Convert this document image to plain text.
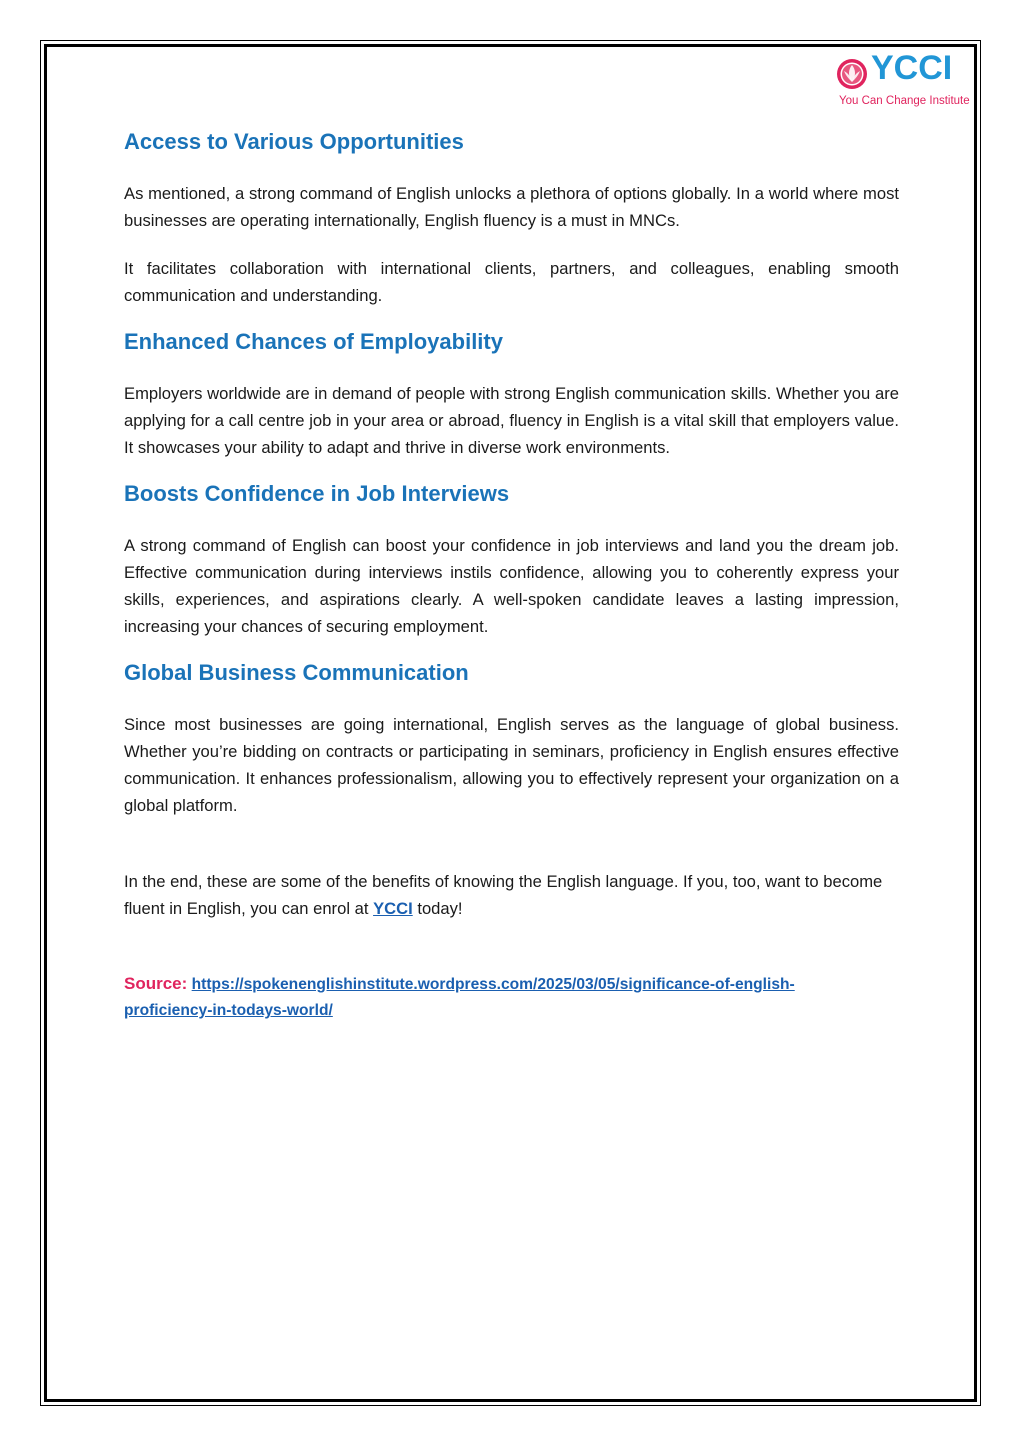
YCCI
You Can Change Institute
Access to Various Opportunities

As mentioned, a strong command of English unlocks a plethora of options globally. In a world where most businesses are operating internationally, English fluency is a must in MNCs.

It facilitates collaboration with international clients, partners, and colleagues, enabling smooth communication and understanding.

Enhanced Chances of Employability

Employers worldwide are in demand of people with strong English communication skills. Whether you are applying for a call centre job in your area or abroad, fluency in English is a vital skill that employers value. It showcases your ability to adapt and thrive in diverse work environments.

Boosts Confidence in Job Interviews

A strong command of English can boost your confidence in job interviews and land you the dream job. Effective communication during interviews instils confidence, allowing you to coherently express your skills, experiences, and aspirations clearly. A well-spoken candidate leaves a lasting impression, increasing your chances of securing employment.

Global Business Communication

Since most businesses are going international, English serves as the language of global business. Whether you’re bidding on contracts or participating in seminars, proficiency in English ensures effective communication. It enhances professionalism, allowing you to effectively represent your organization on a global platform.

In the end, these are some of the benefits of knowing the English language. If you, too, want to become fluent in English, you can enrol at YCCI today!

Source: https://spokenenglishinstitute.wordpress.com/2025/03/05/significance-of-english-
proficiency-in-todays-world/
